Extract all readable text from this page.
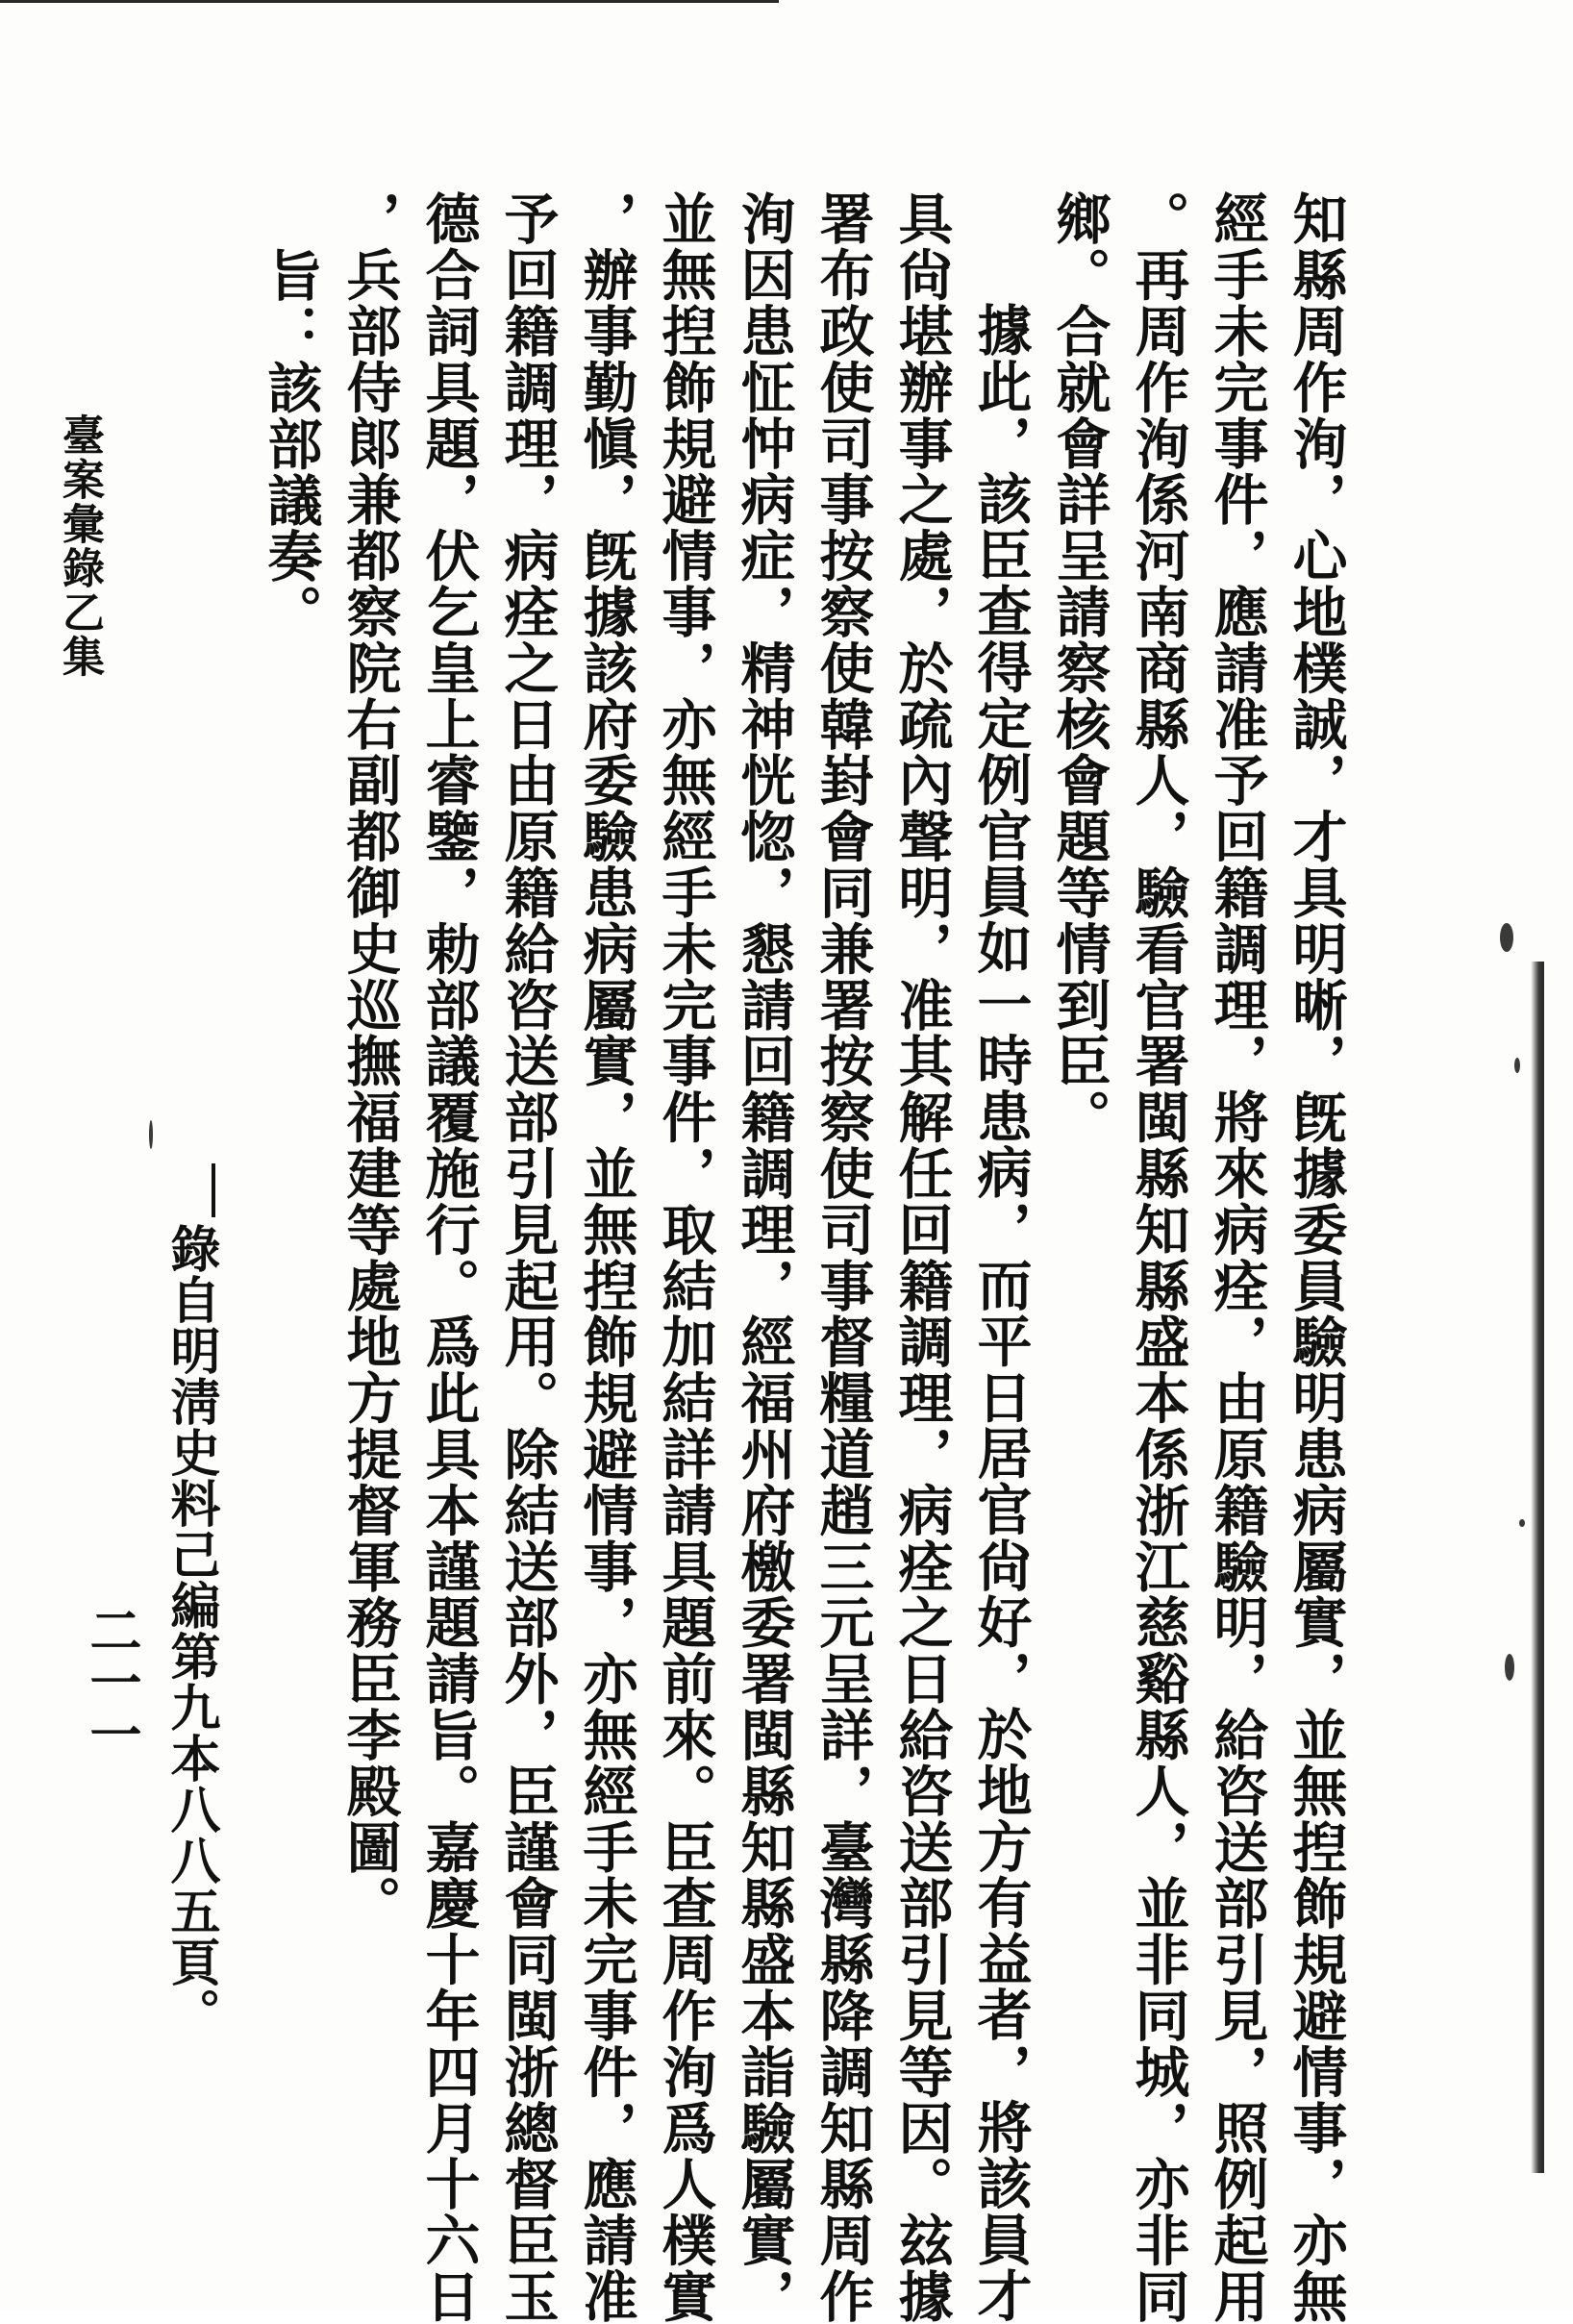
知縣周作洵，心地樸誠，才具明晰，旣據委員驗明患病屬實，並無揑飾規避情事，亦無
經手未完事件，應請准予回籍調理，將來病痊，由原籍驗明，給咨送部引見，照例起用
。再周作洵係河南商縣人，驗看官署閩縣知縣盛本係浙江慈谿縣人，並非同城，亦非同
鄉。合就會詳呈請察核會題等情到臣。
據此，該臣查得定例官員如一時患病，而平日居官尙好，於地方有益者，將該員才
具尙堪辦事之處，於疏內聲明，准其解任回籍調理，病痊之日給咨送部引見等因。玆據
署布政使司事按察使韓崶會同兼署按察使司事督糧道趙三元呈詳，臺灣縣降調知縣周作
洵因患怔忡病症，精神恍惚，懇請回籍調理，經福州府檄委署閩縣知縣盛本詣驗屬實，
並無揑飾規避情事，亦無經手未完事件，取結加結詳請具題前來。臣查周作洵爲人樸實
，辦事勤愼，旣據該府委驗患病屬實，並無揑飾規避情事，亦無經手未完事件，應請准
予回籍調理，病痊之日由原籍給咨送部引見起用。除結送部外，臣謹會同閩浙總督臣玉
德合詞具題，伏乞皇上睿鑒，勅部議覆施行。爲此具本謹題請旨。嘉慶十年四月十六日
，兵部侍郞兼都察院右副都御史巡撫福建等處地方提督軍務臣李殿圖。
旨：該部議奏。
錄自明淸史料己編第九本八八五頁。
二一一
臺案彙錄乙集
